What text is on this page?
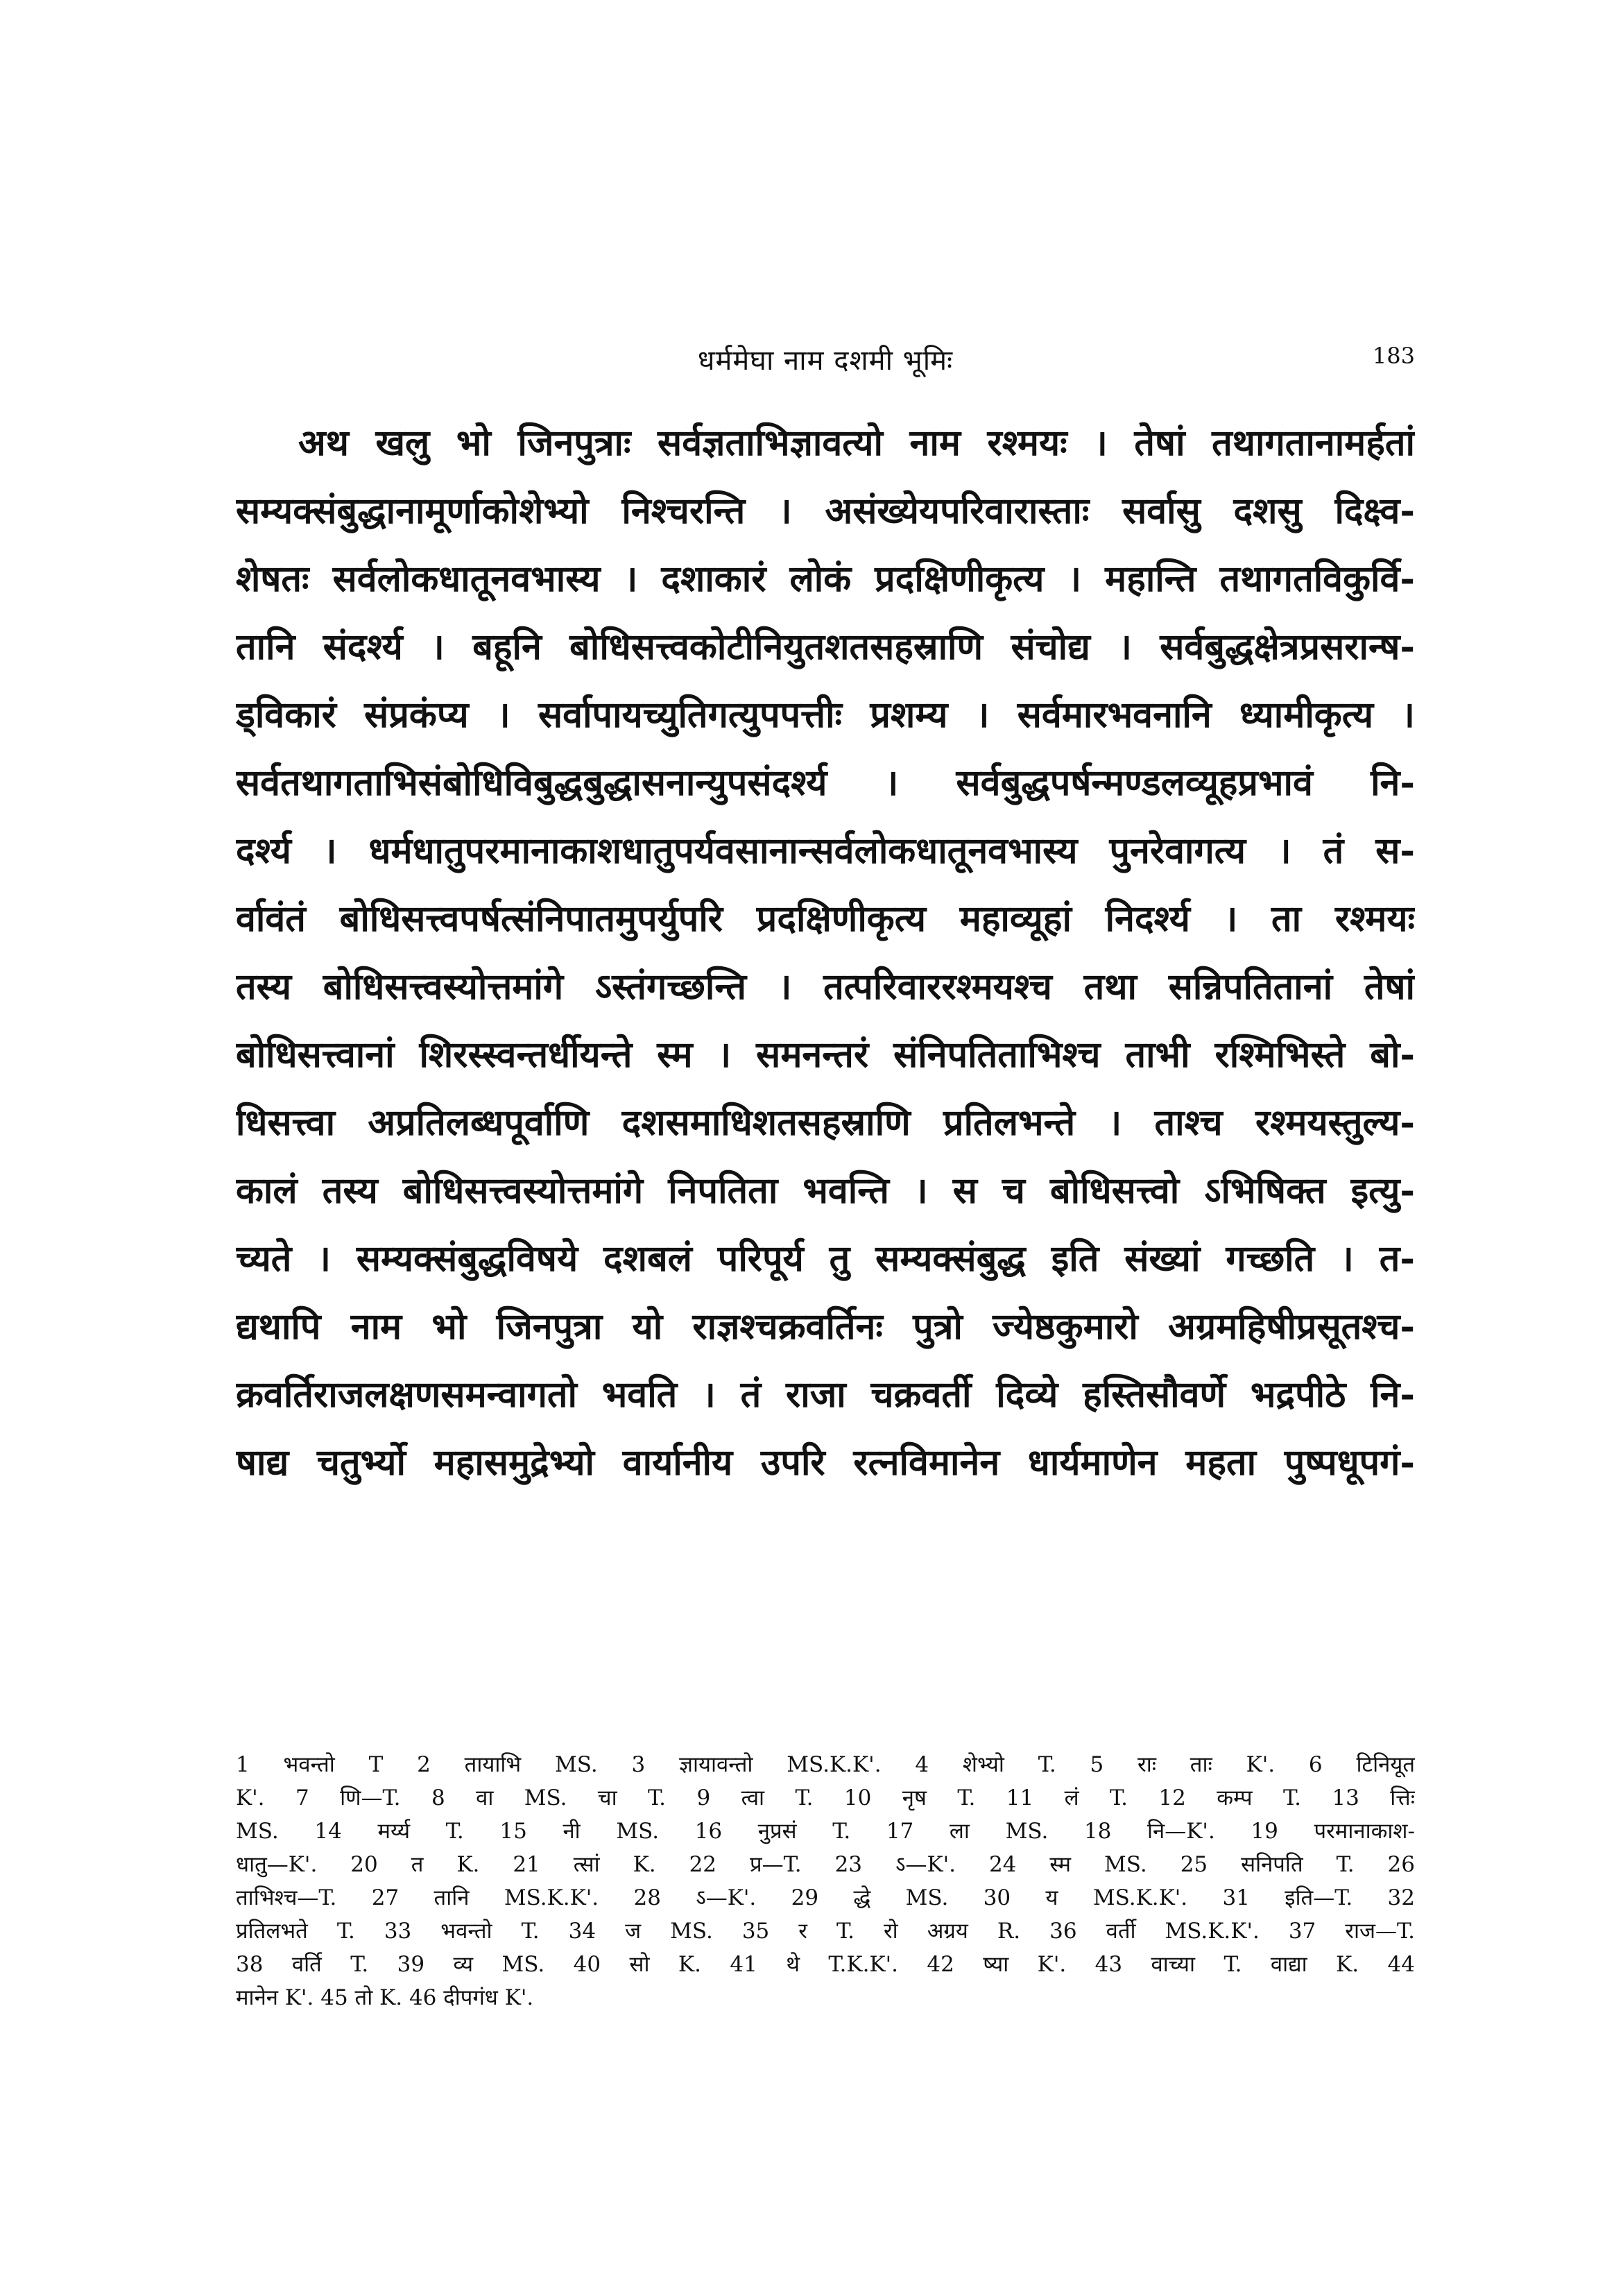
धर्ममेघा नाम दशमी भूमिः	183
अथ खलु भो जिनपुत्राः सर्वज्ञताभिज्ञावत्यो नाम रश्मयः । तेषां तथागतानामर्हतां
सम्यक्संबुद्धानामूर्णाकोशेभ्यो निश्चरन्ति । असंख्येयपरिवारास्ताः सर्वासु दशसु दिक्ष्व-
शेषतः सर्वलोकधातूनवभास्य । दशाकारं लोकं प्रदक्षिणीकृत्य । महान्ति तथागतविकुर्वि-
तानि संदर्श्य । बहूनि बोधिसत्त्वकोटीनियुतशतसहस्राणि संचोद्य । सर्वबुद्धक्षेत्रप्रसरान्ष-
ड्विकारं संप्रकंप्य । सर्वापायच्युतिगत्युपपत्तीः प्रशम्य । सर्वमारभवनानि ध्यामीकृत्य ।
सर्वतथागताभिसंबोधिविबुद्धबुद्धासनान्युपसंदर्श्य । सर्वबुद्धपर्षन्मण्डलव्यूहप्रभावं नि-
दर्श्य । धर्मधातुपरमानाकाशधातुपर्यवसानान्सर्वलोकधातूनवभास्य पुनरेवागत्य । तं स-
र्वावंतं बोधिसत्त्वपर्षत्संनिपातमुपर्युपरि प्रदक्षिणीकृत्य महाव्यूहां निदर्श्य । ता रश्मयः
तस्य बोधिसत्त्वस्योत्तमांगे ऽस्तंगच्छन्ति । तत्परिवाररश्मयश्च तथा सन्निपतितानां तेषां
बोधिसत्त्वानां शिरस्स्वन्तर्धीयन्ते स्म । समनन्तरं संनिपतिताभिश्च ताभी रश्मिभिस्ते बो-
धिसत्त्वा अप्रतिलब्धपूर्वाणि दशसमाधिशतसहस्राणि प्रतिलभन्ते । ताश्च रश्मयस्तुल्य-
कालं तस्य बोधिसत्त्वस्योत्तमांगे निपतिता भवन्ति । स च बोधिसत्त्वो ऽभिषिक्त इत्यु-
च्यते । सम्यक्संबुद्धविषये दशबलं परिपूर्य तु सम्यक्संबुद्ध इति संख्यां गच्छति । त-
द्यथापि नाम भो जिनपुत्रा यो राज्ञश्चक्रवर्तिनः पुत्रो ज्येष्ठकुमारो अग्रमहिषीप्रसूतश्च-
क्रवर्तिराजलक्षणसमन्वागतो भवति । तं राजा चक्रवर्ती दिव्ये हस्तिसौवर्णे भद्रपीठे नि-
षाद्य चतुर्भ्यो महासमुद्रेभ्यो वार्यानीय उपरि रत्नविमानेन धार्यमाणेन महता पुष्पधूपगं-
1 भवन्तो T 2 तायाभि MS. 3 ज्ञायावन्तो MS.K.K'. 4 शेभ्यो T. 5 राः ताः K'. 6 टिनियूत
K'. 7 णि—T. 8 वा MS. चा T. 9 त्वा T. 10 नृष T. 11 लं T. 12 कम्प T. 13 त्तिः
MS. 14 मर्य्य T. 15 नी MS. 16 नुप्रसं T. 17 ला MS. 18 नि—K'. 19 परमानाकाश-
धातु—K'. 20 त K. 21 त्सां K. 22 प्र—T. 23 ऽ—K'. 24 स्म MS. 25 सनिपति T. 26
ताभिश्च—T. 27 तानि MS.K.K'. 28 ऽ—K'. 29 द्धे MS. 30 य MS.K.K'. 31 इति—T. 32
प्रतिलभते T. 33 भवन्तो T. 34 ज MS. 35 र T. रो अग्रय R. 36 वर्ती MS.K.K'. 37 राज—T.
38 वर्ति T. 39 व्य MS. 40 सो K. 41 थे T.K.K'. 42 ष्या K'. 43 वाच्या T. वाद्या K. 44
मानेन K'. 45 तो K. 46 दीपगंध K'.
